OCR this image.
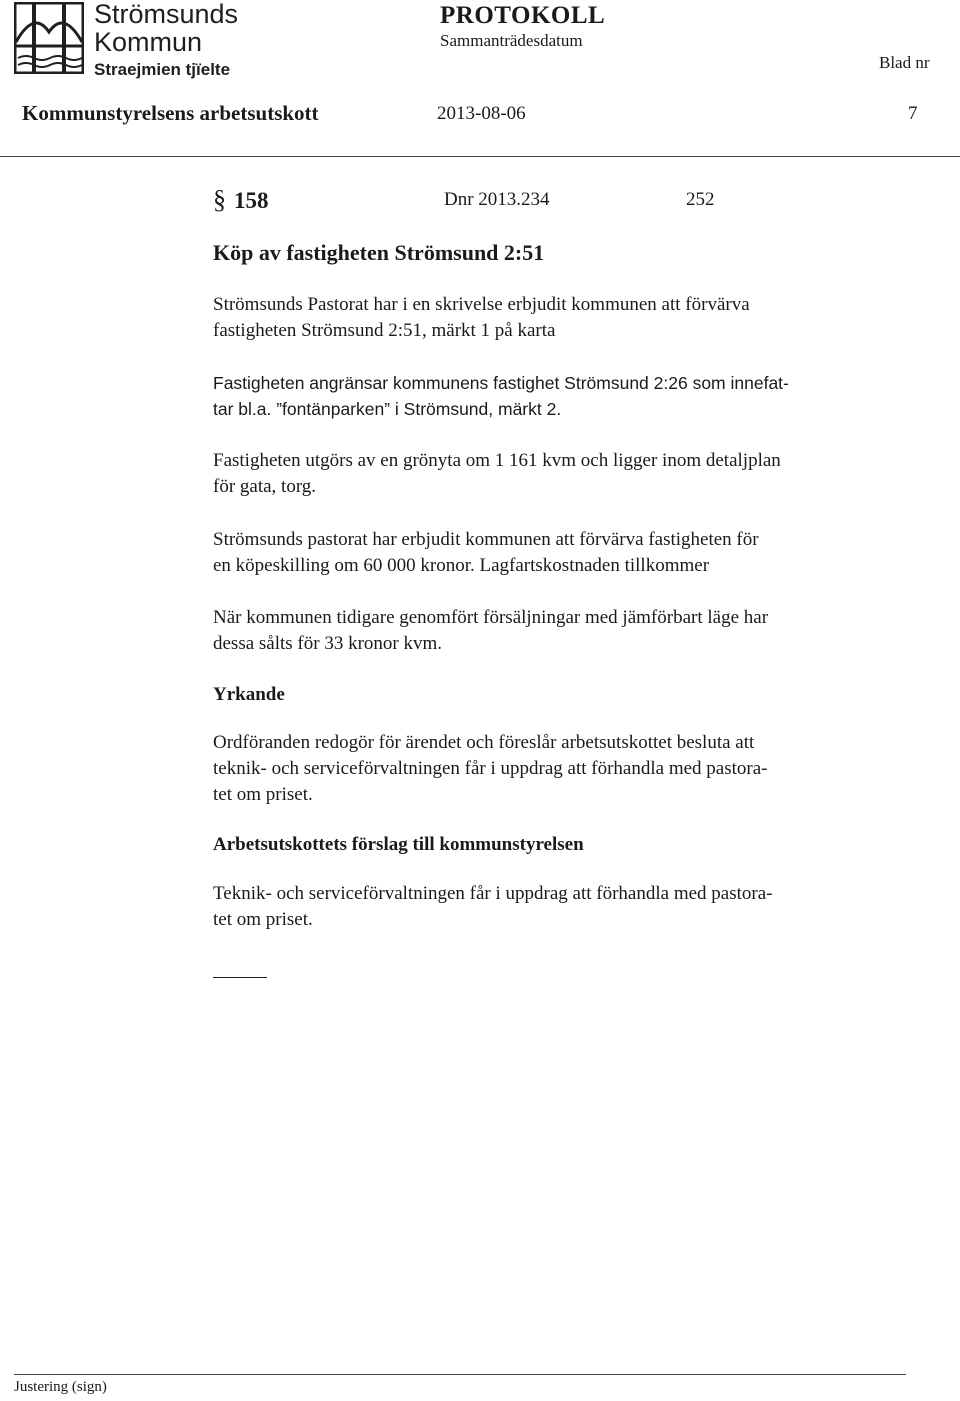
Strömsunds
Kommun
Straejmien tjïelte
PROTOKOLL
Sammanträdesdatum
Blad nr
Kommunstyrelsens arbetsutskott	2013-08-06	7
§ 158	Dnr 2013.234	252
Köp av fastigheten Strömsund 2:51
Strömsunds Pastorat har i en skrivelse erbjudit kommunen att förvärva
fastigheten Strömsund 2:51, märkt 1 på karta
Fastigheten angränsar kommunens fastighet Strömsund 2:26 som innefat-
tar bl.a. ”fontänparken” i Strömsund, märkt 2.
Fastigheten utgörs av en grönyta om 1 161 kvm och ligger inom detaljplan
för gata, torg.
Strömsunds pastorat har erbjudit kommunen att förvärva fastigheten för
en köpeskilling om 60 000 kronor. Lagfartskostnaden tillkommer
När kommunen tidigare genomfört försäljningar med jämförbart läge har
dessa sålts för 33 kronor kvm.
Yrkande
Ordföranden redogör för ärendet och föreslår arbetsutskottet besluta att
teknik- och serviceförvaltningen får i uppdrag att förhandla med pastora-
tet om priset.
Arbetsutskottets förslag till kommunstyrelsen
Teknik- och serviceförvaltningen får i uppdrag att förhandla med pastora-
tet om priset.
Justering (sign)
